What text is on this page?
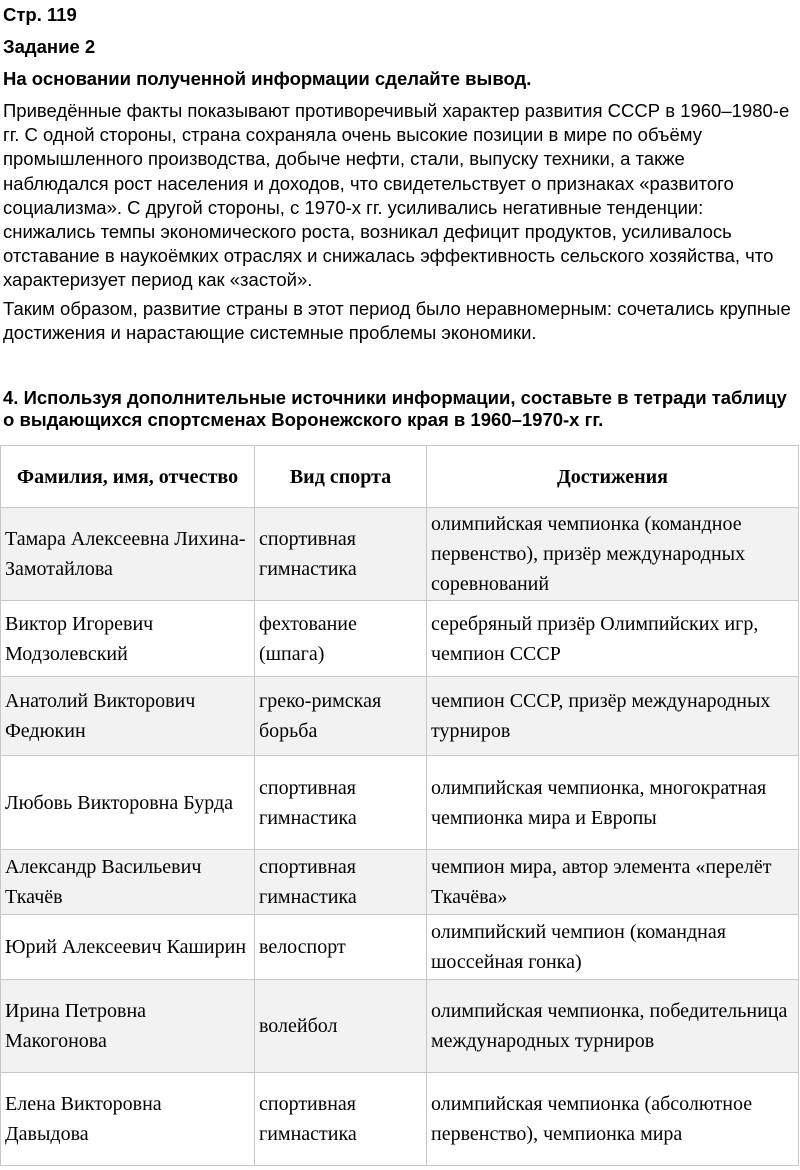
Стр. 119

Задание 2

На основании полученной информации сделайте вывод.

Приведённые факты показывают противоречивый характер развития СССР в 1960–1980-е гг. С одной стороны, страна сохраняла очень высокие позиции в мире по объёму промышленного производства, добыче нефти, стали, выпуску техники, а также наблюдался рост населения и доходов, что свидетельствует о признаках «развитого социализма». С другой стороны, с 1970-х гг. усиливались негативные тенденции: снижались темпы экономического роста, возникал дефицит продуктов, усиливалось отставание в наукоёмких отраслях и снижалась эффективность сельского хозяйства, что характеризует период как «застой».

Таким образом, развитие страны в этот период было неравномерным: сочетались крупные достижения и нарастающие системные проблемы экономики.

4. Используя дополнительные источники информации, составьте в тетради таблицу о выдающихся спортсменах Воронежского края в 1960–1970-х гг.

Фамилия, имя, отчество	Вид спорта	Достижения
Тамара Алексеевна Лихина-Замотайлова	спортивная гимнастика	олимпийская чемпионка (командное первенство), призёр международных соревнований
Виктор Игоревич Модзолевский	фехтование (шпага)	серебряный призёр Олимпийских игр, чемпион СССР
Анатолий Викторович Федюкин	греко-римская борьба	чемпион СССР, призёр международных турниров
Любовь Викторовна Бурда	спортивная гимнастика	олимпийская чемпионка, многократная чемпионка мира и Европы
Александр Васильевич Ткачёв	спортивная гимнастика	чемпион мира, автор элемента «перелёт Ткачёва»
Юрий Алексеевич Каширин	велоспорт	олимпийский чемпион (командная шоссейная гонка)
Ирина Петровна Макогонова	волейбол	олимпийская чемпионка, победительница международных турниров
Елена Викторовна Давыдова	спортивная гимнастика	олимпийская чемпионка (абсолютное первенство), чемпионка мира
